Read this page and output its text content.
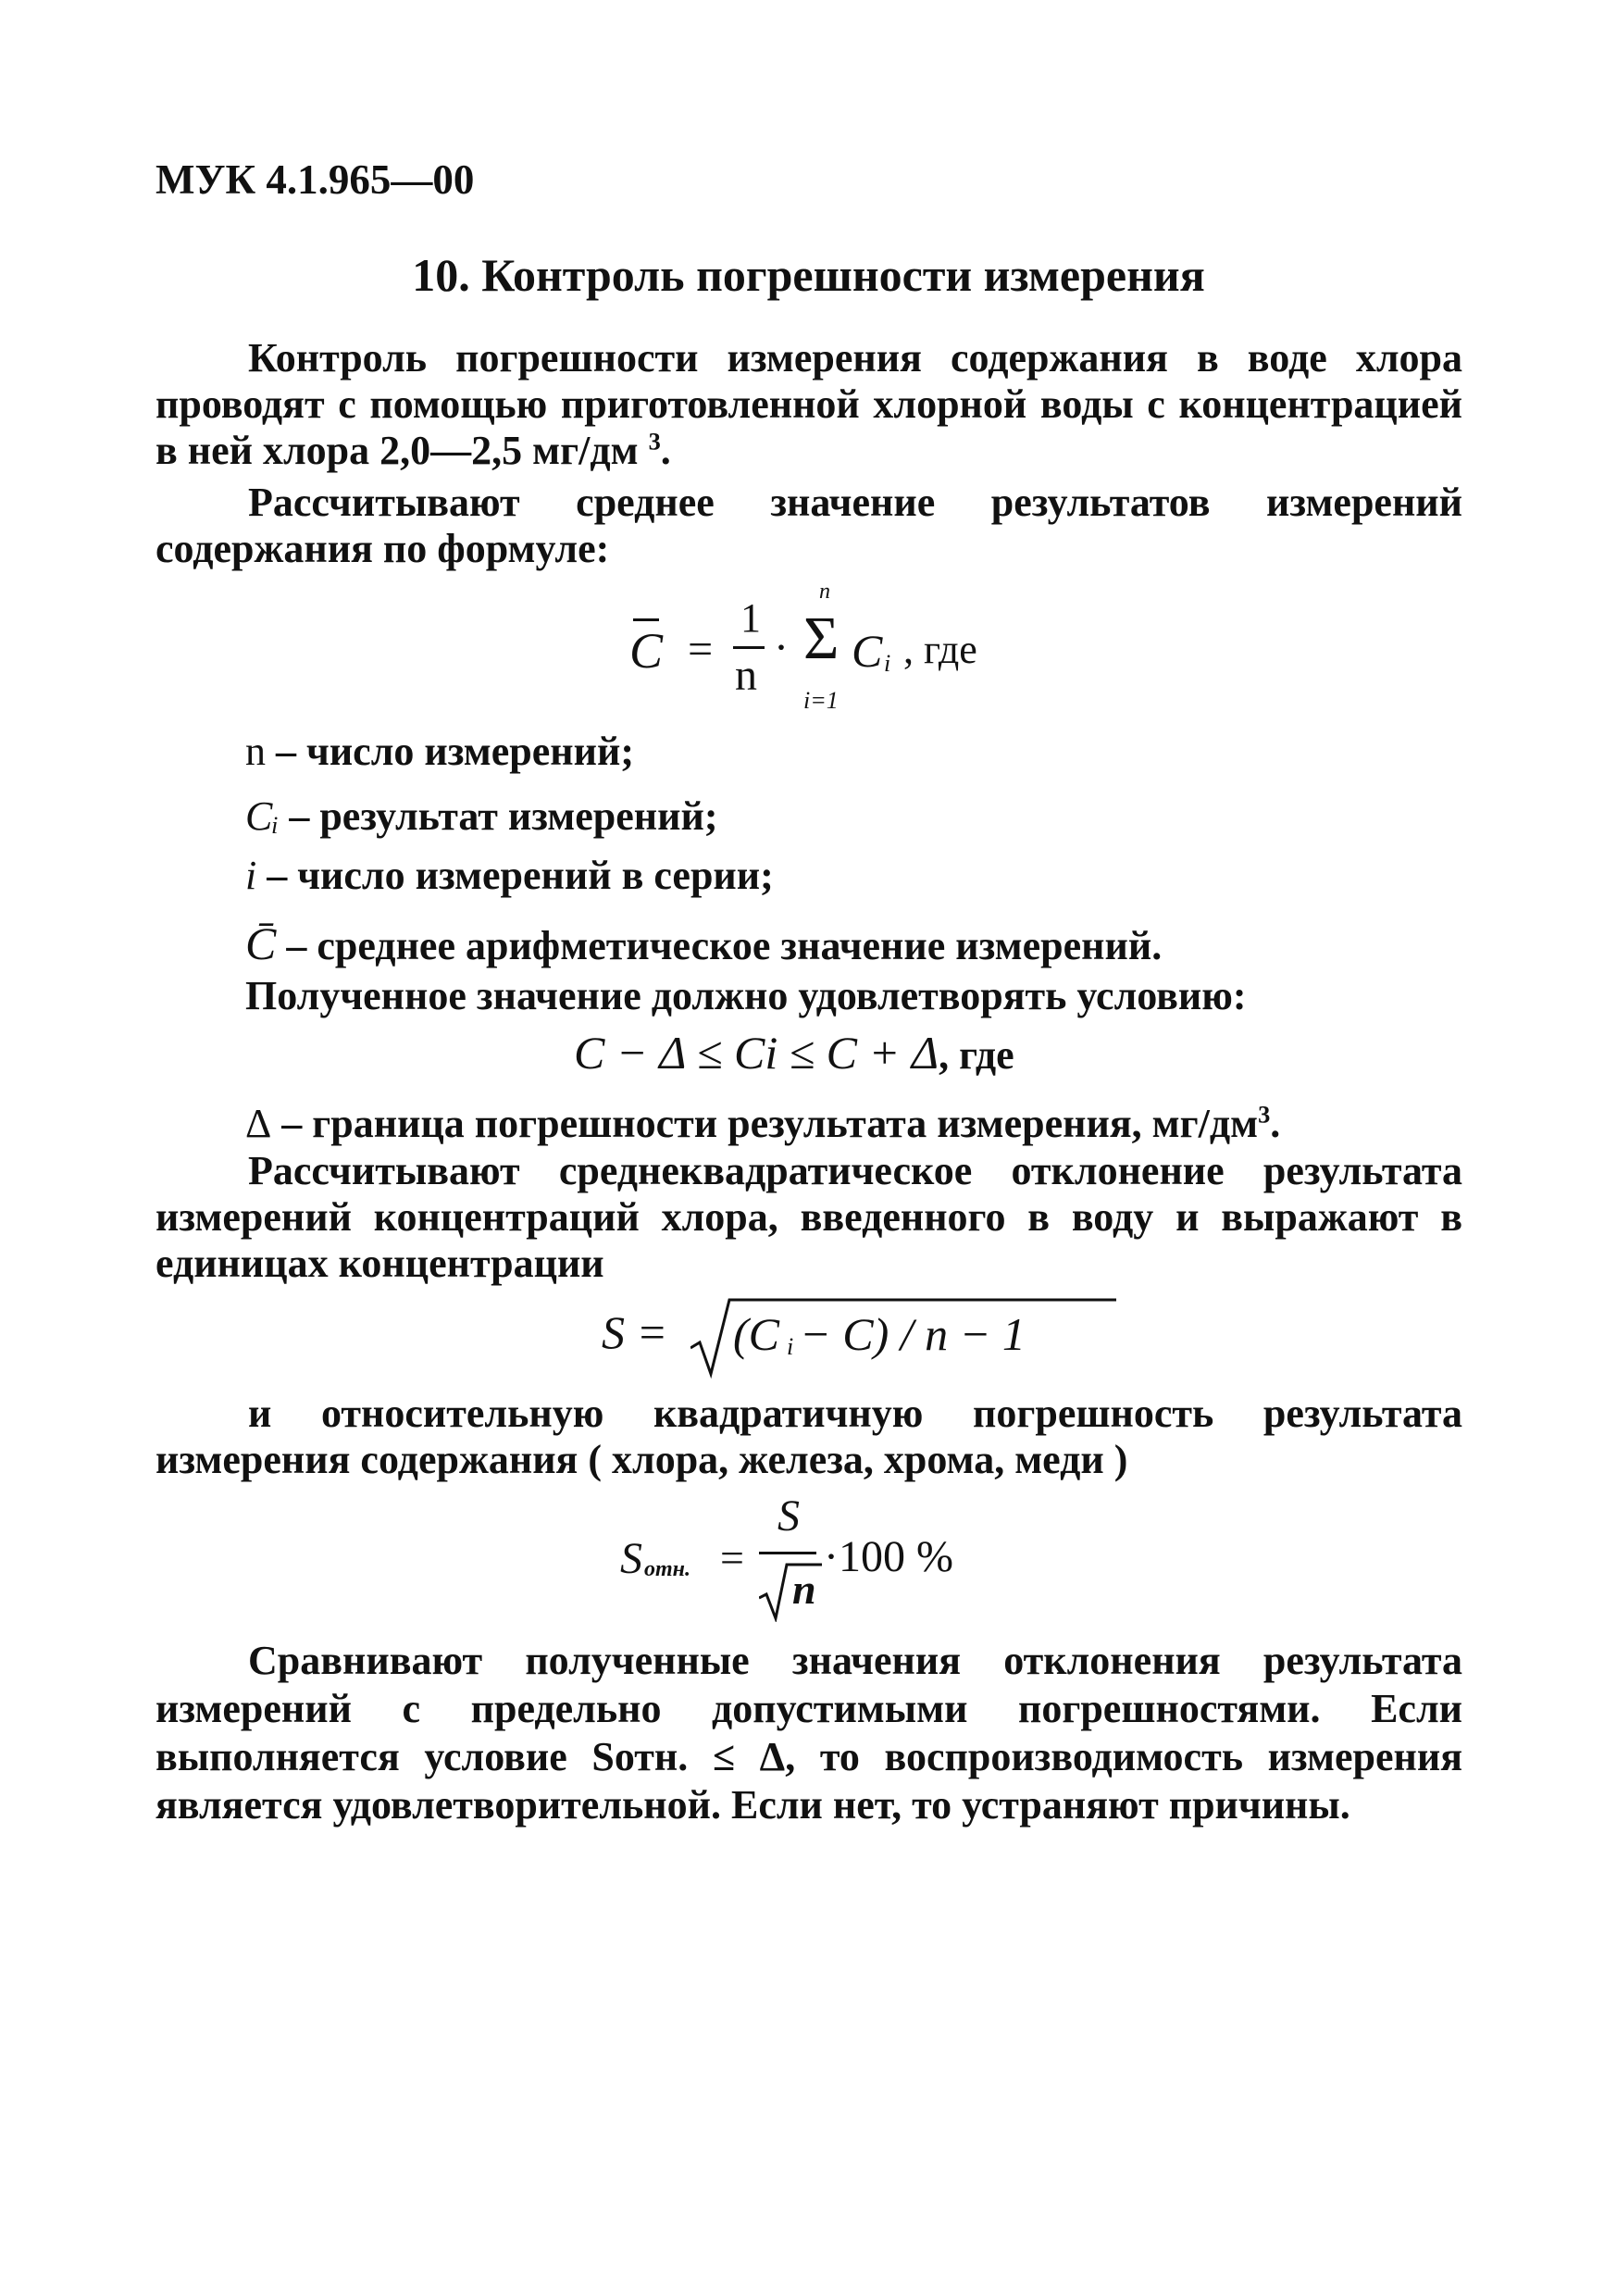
МУК 4.1.965—00
10. Контроль погрешности измерения

Контроль погрешности измерения содержания в воде хлора проводят с помощью приготовленной хлорной воды с концентрацией в ней хлора 2,0—2,5 мг/дм $^3$.

Рассчитывают среднее значение результатов измерений содержания по формуле:

C =
1
n
·
n
Σ
i=1
C i , где
n – число измерений;
Cᵢ – результат измерений;
i – число измерений в серии;
C̄ – среднее арифметическое значение измерений.
Полученное значение должно удовлетворять условию:
C − Δ ≤ Ci ≤ C + Δ, где
Δ – граница погрешности результата измерения, $мг/дм^3$.

Рассчитывают среднеквадратическое отклонение результата измерений концентраций хлора, введенного в воду и выражают в единицах концентрации

S = (C i − C) / n − 1

и относительную квадратичную погрешность результата измерения содержания ( хлора, железа, хрома, меди )

S отн. =
S
n
·100 %

Сравнивают полученные значения отклонения результата измерений с предельно допустимыми погрешностями. Если выполняется условие Sотн. ≤ Δ, то воспроизводимость измерения является удовлетворительной. Если нет, то устраняют причины.
